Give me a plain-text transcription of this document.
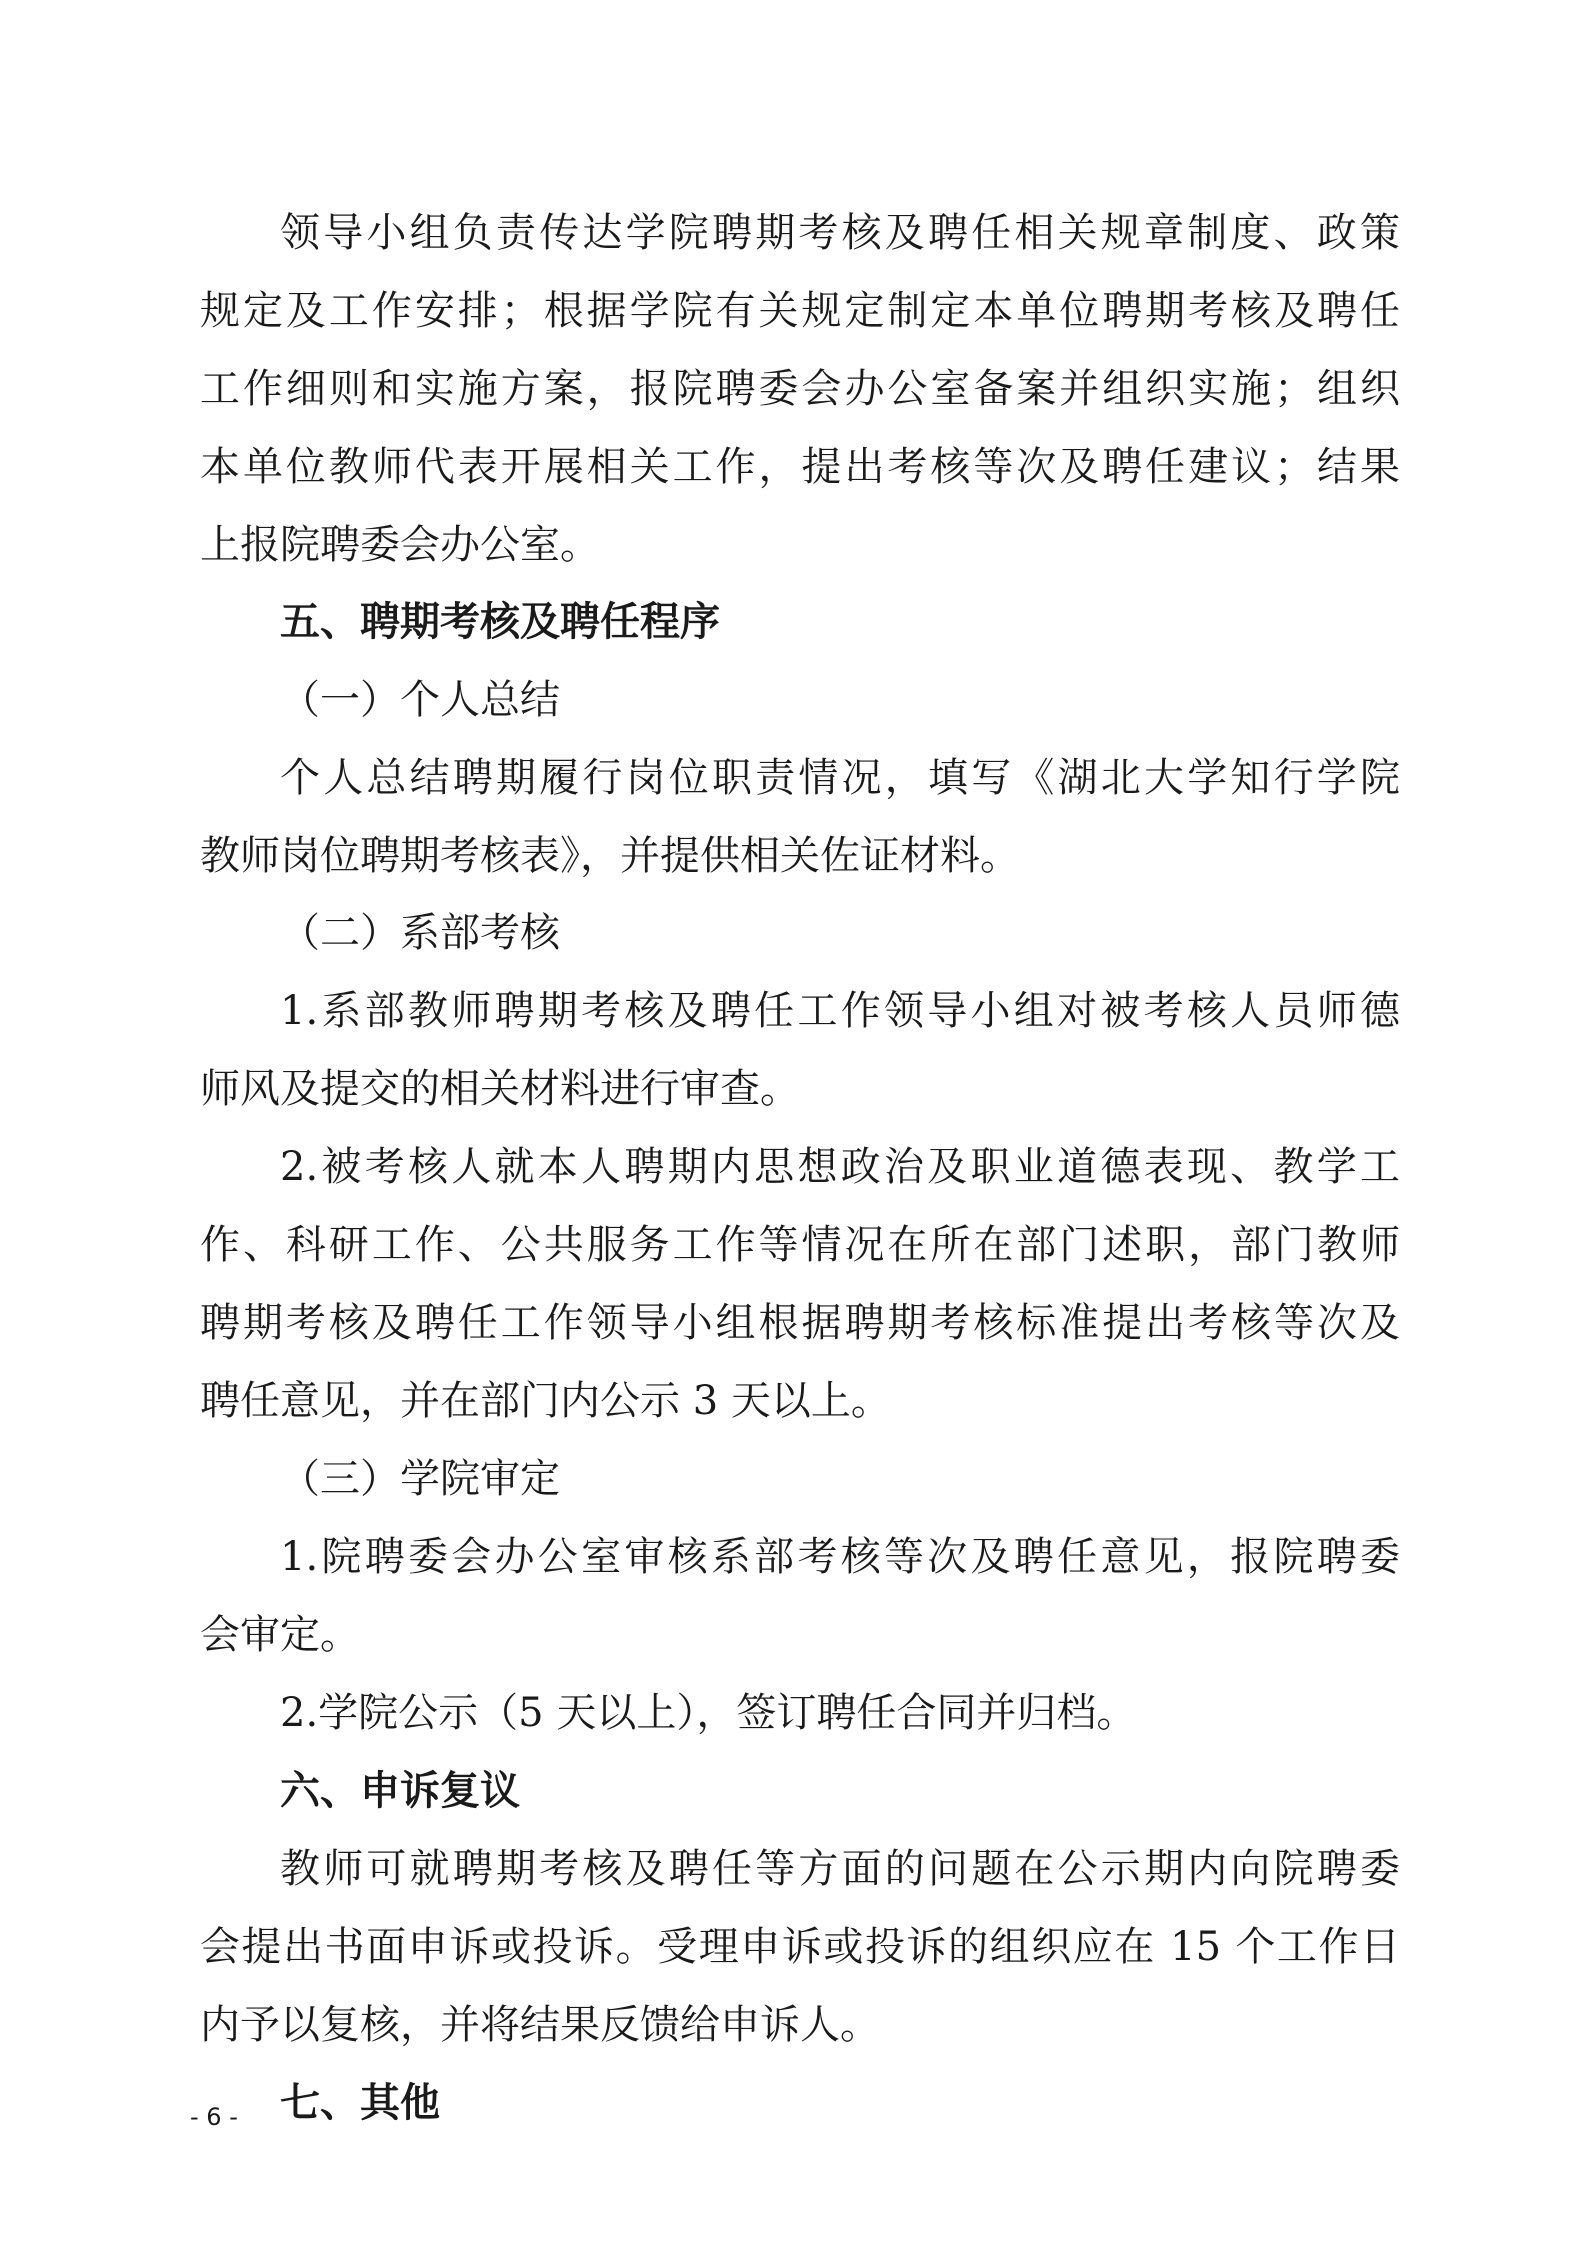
领导小组负责传达学院聘期考核及聘任相关规章制度、政策
规定及工作安排；根据学院有关规定制定本单位聘期考核及聘任
工作细则和实施方案，报院聘委会办公室备案并组织实施；组织
本单位教师代表开展相关工作，提出考核等次及聘任建议；结果
上报院聘委会办公室。
五、聘期考核及聘任程序
（一）个人总结
个人总结聘期履行岗位职责情况，填写《湖北大学知行学院
教师岗位聘期考核表》，并提供相关佐证材料。
（二）系部考核
1.系部教师聘期考核及聘任工作领导小组对被考核人员师德
师风及提交的相关材料进行审查。
2.被考核人就本人聘期内思想政治及职业道德表现、教学工
作、科研工作、公共服务工作等情况在所在部门述职，部门教师
聘期考核及聘任工作领导小组根据聘期考核标准提出考核等次及
聘任意见，并在部门内公示 3 天以上。
（三）学院审定
1.院聘委会办公室审核系部考核等次及聘任意见，报院聘委
会审定。
2.学院公示（5 天以上），签订聘任合同并归档。
六、申诉复议
教师可就聘期考核及聘任等方面的问题在公示期内向院聘委
会提出书面申诉或投诉。受理申诉或投诉的组织应在 15 个工作日
内予以复核，并将结果反馈给申诉人。
七、其他
- 6 -
